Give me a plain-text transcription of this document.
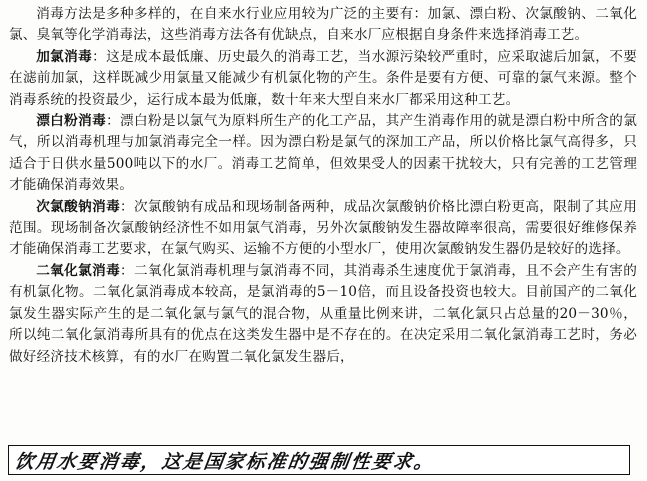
消毒方法是多种多样的，在自来水行业应用较为广泛的主要有：加氯、漂白粉、次氯酸钠、二氧化氯、臭氧等化学消毒法，这些消毒方法各有优缺点，自来水厂应根据自身条件来选择消毒工艺。

加氯消毒：这是成本最低廉、历史最久的消毒工艺，当水源污染较严重时，应采取滤后加氯，不要在滤前加氯，这样既减少用氯量又能减少有机氯化物的产生。条件是要有方便、可靠的氯气来源。整个消毒系统的投资最少，运行成本最为低廉，数十年来大型自来水厂都采用这种工艺。

漂白粉消毒：漂白粉是以氯气为原料所生产的化工产品，其产生消毒作用的就是漂白粉中所含的氯气，所以消毒机理与加氯消毒完全一样。因为漂白粉是氯气的深加工产品，所以价格比氯气高得多，只适合于日供水量500吨以下的水厂。消毒工艺简单，但效果受人的因素干扰较大，只有完善的工艺管理才能确保消毒效果。

次氯酸钠消毒：次氯酸钠有成品和现场制备两种，成品次氯酸钠价格比漂白粉更高，限制了其应用范围。现场制备次氯酸钠经济性不如用氯气消毒，另外次氯酸钠发生器故障率很高，需要很好维修保养才能确保消毒工艺要求，在氯气购买、运输不方便的小型水厂，使用次氯酸钠发生器仍是较好的选择。

二氧化氯消毒：二氧化氯消毒机理与氯消毒不同，其消毒杀生速度优于氯消毒，且不会产生有害的有机氯化物。二氧化氯消毒成本较高，是氯消毒的5－10倍，而且设备投资也较大。目前国产的二氧化氯发生器实际产生的是二氧化氯与氯气的混合物，从重量比例来讲，二氧化氯只占总量的20－30％，所以纯二氧化氯消毒所具有的优点在这类发生器中是不存在的。在决定采用二氧化氯消毒工艺时，务必做好经济技术核算，有的水厂在购置二氧化氯发生器后，

饮用水要消毒，这是国家标准的强制性要求。
